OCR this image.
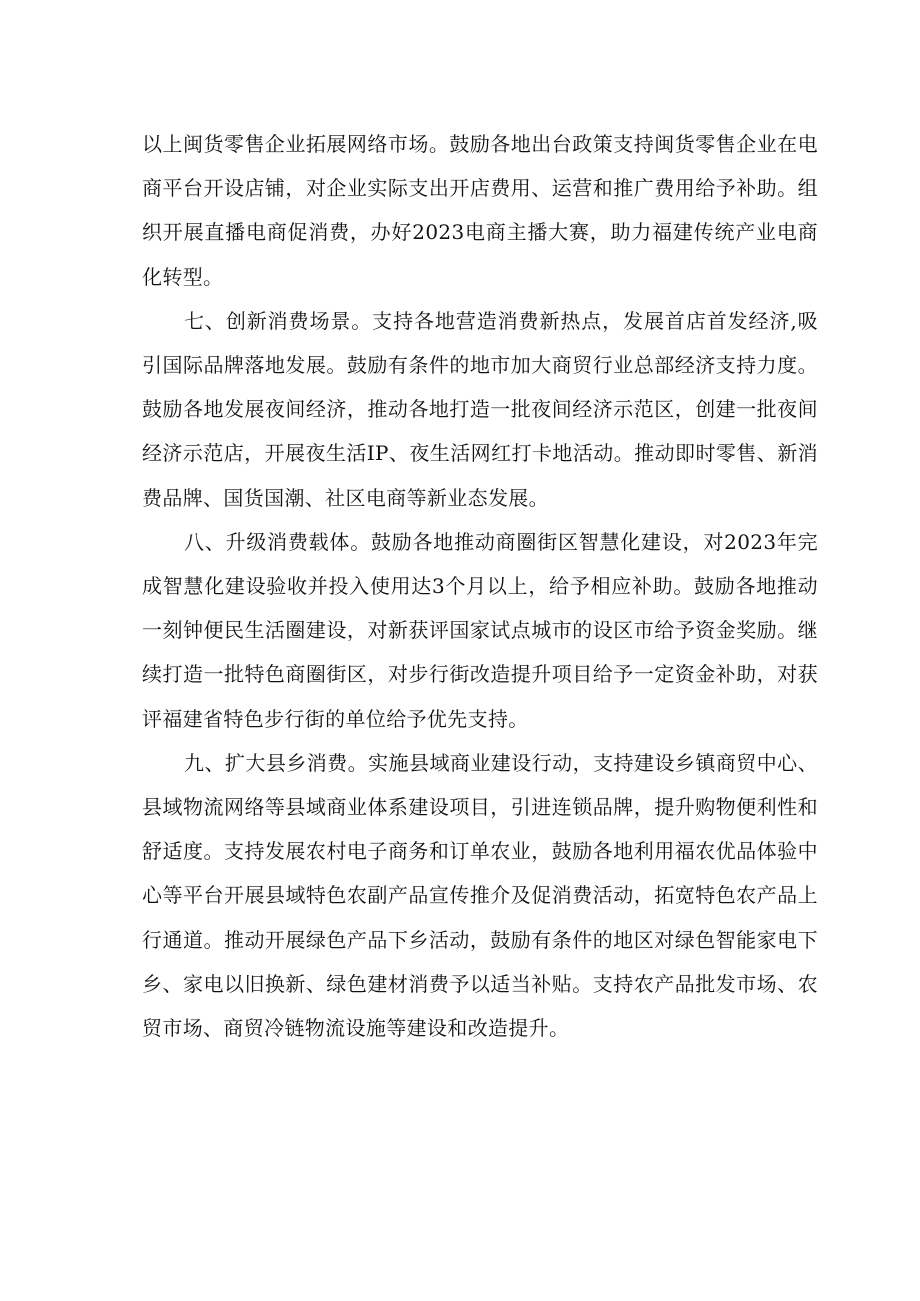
以上闽货零售企业拓展网络市场。鼓励各地出台政策支持闽货零售企业在电商平台开设店铺，对企业实际支出开店费用、运营和推广费用给予补助。组织开展直播电商促消费，办好2023电商主播大赛，助力福建传统产业电商化转型。

七、创新消费场景。支持各地营造消费新热点，发展首店首发经济,吸引国际品牌落地发展。鼓励有条件的地市加大商贸行业总部经济支持力度。鼓励各地发展夜间经济，推动各地打造一批夜间经济示范区，创建一批夜间经济示范店，开展夜生活IP、夜生活网红打卡地活动。推动即时零售、新消费品牌、国货国潮、社区电商等新业态发展。

八、升级消费载体。鼓励各地推动商圈街区智慧化建设，对2023年完成智慧化建设验收并投入使用达3个月以上，给予相应补助。鼓励各地推动一刻钟便民生活圈建设，对新获评国家试点城市的设区市给予资金奖励。继续打造一批特色商圈街区，对步行街改造提升项目给予一定资金补助，对获评福建省特色步行街的单位给予优先支持。

九、扩大县乡消费。实施县域商业建设行动，支持建设乡镇商贸中心、县域物流网络等县域商业体系建设项目，引进连锁品牌，提升购物便利性和舒适度。支持发展农村电子商务和订单农业，鼓励各地利用福农优品体验中心等平台开展县域特色农副产品宣传推介及促消费活动，拓宽特色农产品上行通道。推动开展绿色产品下乡活动，鼓励有条件的地区对绿色智能家电下乡、家电以旧换新、绿色建材消费予以适当补贴。支持农产品批发市场、农贸市场、商贸冷链物流设施等建设和改造提升。
